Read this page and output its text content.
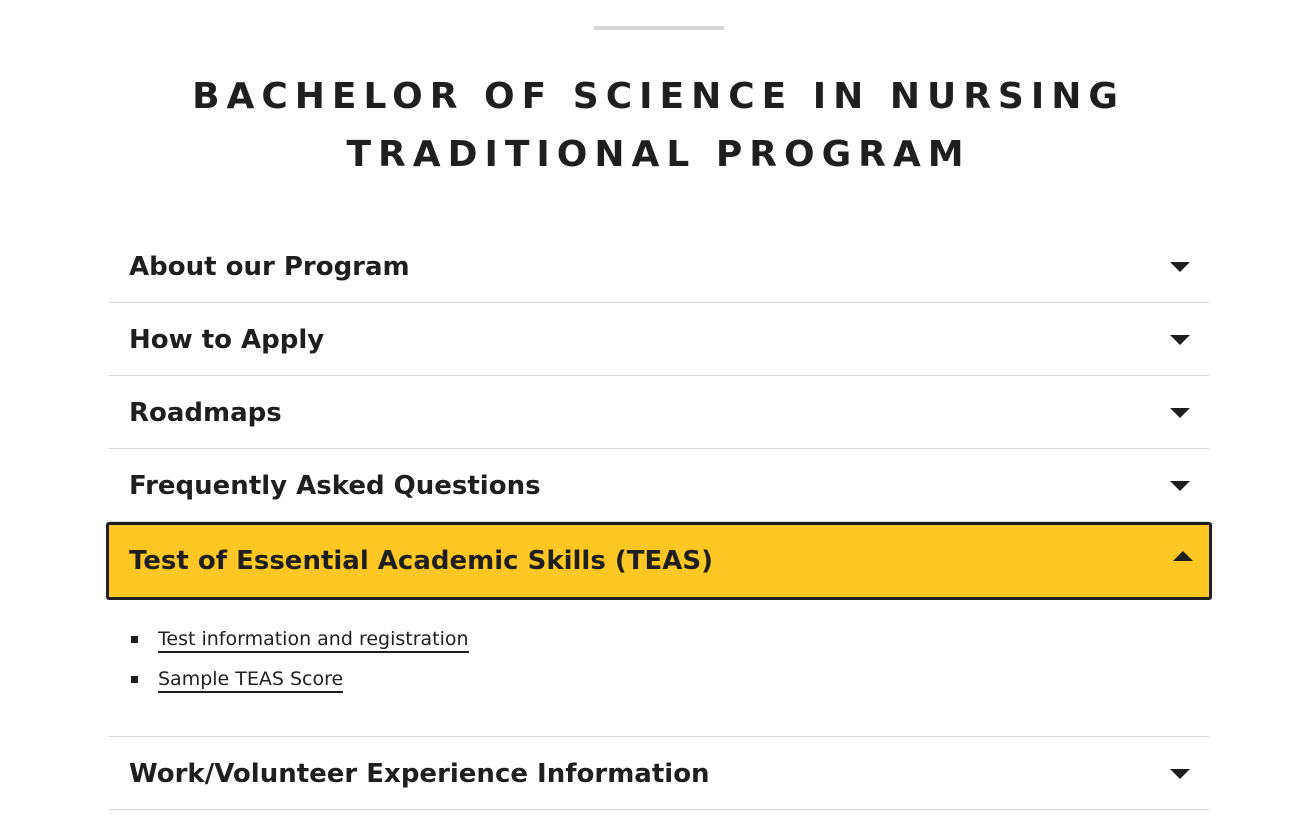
BACHELOR OF SCIENCE IN NURSING
TRADITIONAL PROGRAM
About our Program
How to Apply
Roadmaps
Frequently Asked Questions
Test of Essential Academic Skills (TEAS)
Test information and registration
Sample TEAS Score
Work/Volunteer Experience Information
